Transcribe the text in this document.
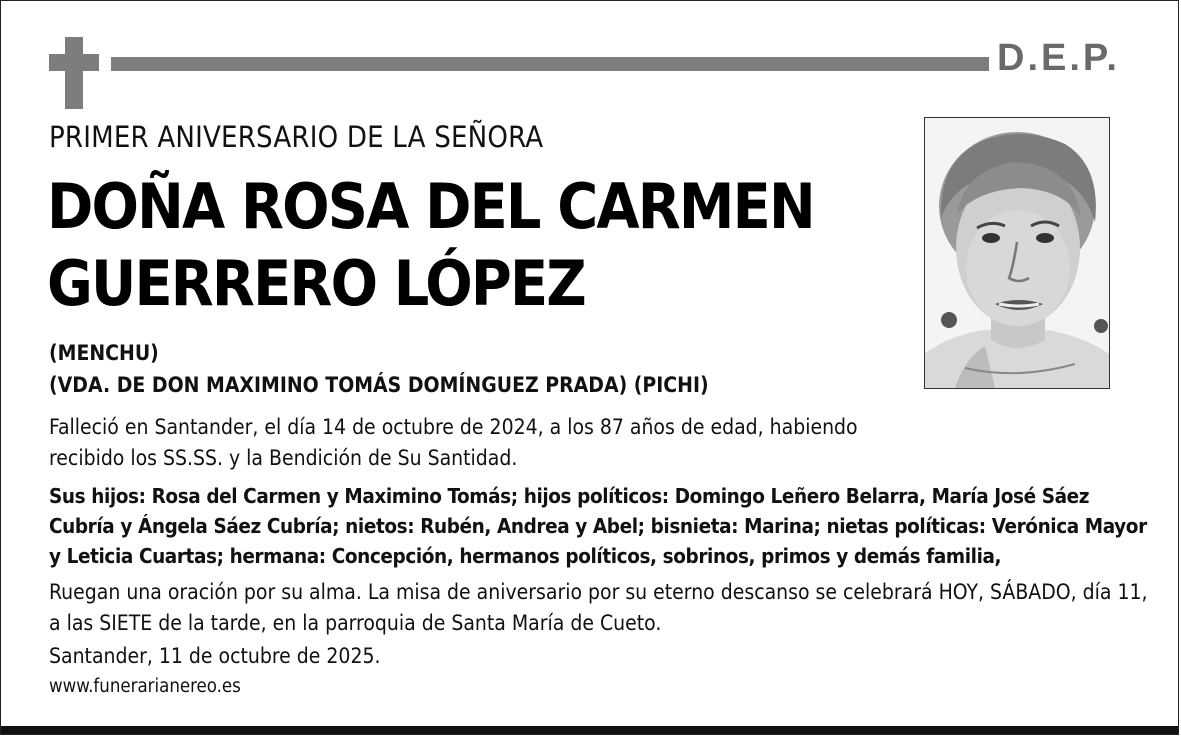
D.E.P.
PRIMER ANIVERSARIO DE LA SEÑORA
DOÑA ROSA DEL CARMEN
GUERRERO LÓPEZ
(MENCHU)
(VDA. DE DON MAXIMINO TOMÁS DOMÍNGUEZ PRADA) (PICHI)
Falleció en Santander, el día 14 de octubre de 2024, a los 87 años de edad, habiendo recibido los SS.SS. y la Bendición de Su Santidad.
Sus hijos: Rosa del Carmen y Maximino Tomás; hijos políticos: Domingo Leñero Belarra, María José Sáez Cubría y Ángela Sáez Cubría; nietos: Rubén, Andrea y Abel; bisnieta: Marina; nietas políticas: Verónica Mayor y Leticia Cuartas; hermana: Concepción, hermanos políticos, sobrinos, primos y demás familia,
Ruegan una oración por su alma. La misa de aniversario por su eterno descanso se celebrará HOY, SÁBADO, día 11, a las SIETE de la tarde, en la parroquia de Santa María de Cueto.
Santander, 11 de octubre de 2025.
www.funerarianereo.es
